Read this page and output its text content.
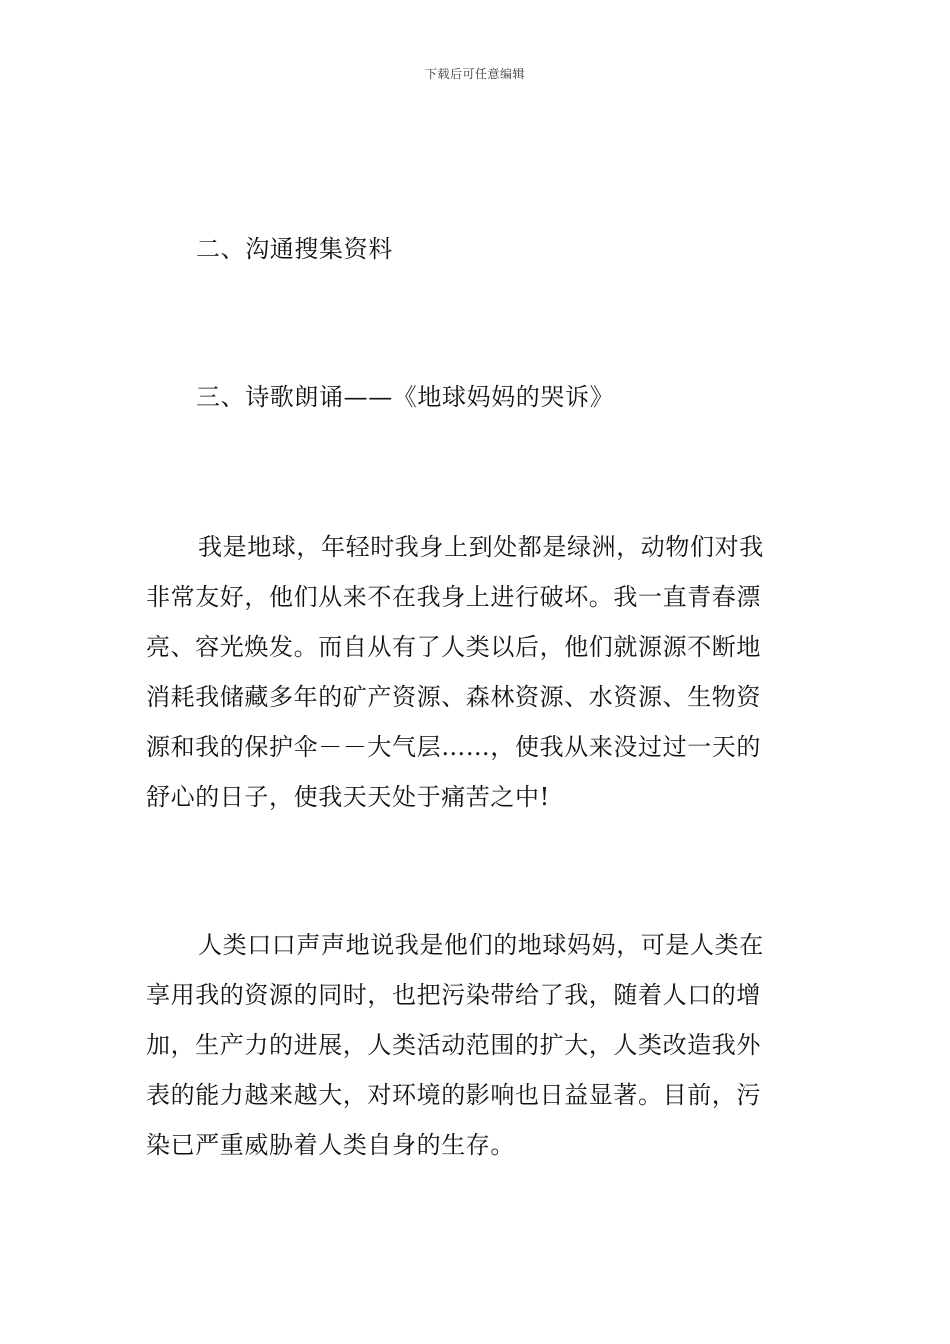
下载后可任意编辑
二、沟通搜集资料
三、诗歌朗诵——《地球妈妈的哭诉》
我是地球，年轻时我身上到处都是绿洲，动物们对我
非常友好，他们从来不在我身上进行破坏。我一直青春漂
亮、容光焕发。而自从有了人类以后，他们就源源不断地
消耗我储藏多年的矿产资源、森林资源、水资源、生物资
源和我的保护伞－－大气层……，使我从来没过过一天的
舒心的日子，使我天天处于痛苦之中!
人类口口声声地说我是他们的地球妈妈，可是人类在
享用我的资源的同时，也把污染带给了我，随着人口的增
加，生产力的进展，人类活动范围的扩大，人类改造我外
表的能力越来越大，对环境的影响也日益显著。目前，污
染已严重威胁着人类自身的生存。
